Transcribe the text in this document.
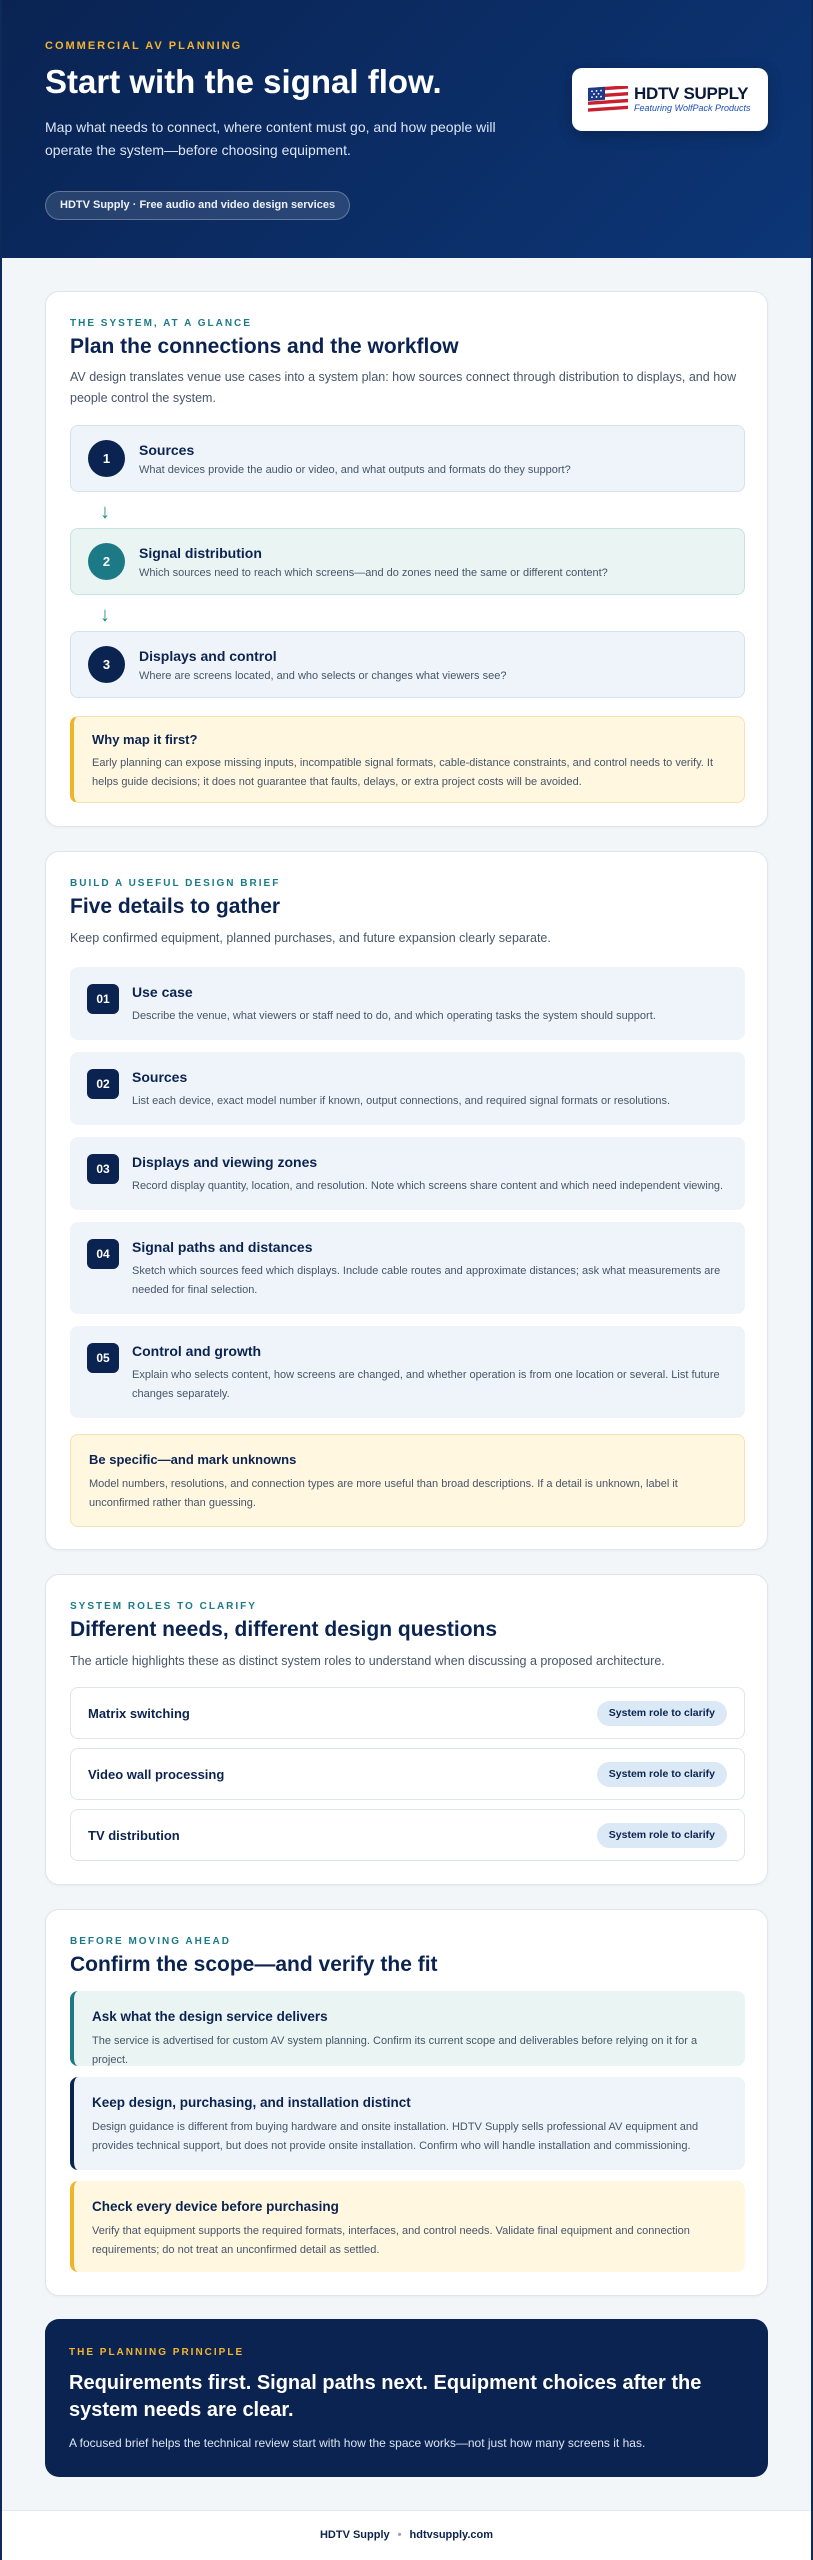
COMMERCIAL AV PLANNING
Start with the signal flow.

Map what needs to connect, where content must go, and how people will operate the system—before choosing equipment.

HDTV Supply · Free audio and video design services
HDTV SUPPLY
Featuring WolfPack Products
THE SYSTEM, AT A GLANCE
Plan the connections and the workflow

AV design translates venue use cases into a system plan: how sources connect through distribution to displays, and how people control the system.

1
Sources
What devices provide the audio or video, and what outputs and formats do they support?
↓
2
Signal distribution
Which sources need to reach which screens—and do zones need the same or different content?
↓
3
Displays and control
Where are screens located, and who selects or changes what viewers see?
Why map it first?
Early planning can expose missing inputs, incompatible signal formats, cable-distance constraints, and control needs to verify. It helps guide decisions; it does not guarantee that faults, delays, or extra project costs will be avoided.
BUILD A USEFUL DESIGN BRIEF
Five details to gather

Keep confirmed equipment, planned purchases, and future expansion clearly separate.

01	Use case
Describe the venue, what viewers or staff need to do, and which operating tasks the system should support.
02	Sources
List each device, exact model number if known, output connections, and required signal formats or resolutions.
03	Displays and viewing zones
Record display quantity, location, and resolution. Note which screens share content and which need independent viewing.
04	Signal paths and distances
Sketch which sources feed which displays. Include cable routes and approximate distances; ask what measurements are needed for final selection.
05	Control and growth
Explain who selects content, how screens are changed, and whether operation is from one location or several. List future changes separately.
Be specific—and mark unknowns
Model numbers, resolutions, and connection types are more useful than broad descriptions. If a detail is unknown, label it unconfirmed rather than guessing.
SYSTEM ROLES TO CLARIFY
Different needs, different design questions

The article highlights these as distinct system roles to understand when discussing a proposed architecture.

Matrix switching	System role to clarify
Video wall processing	System role to clarify
TV distribution	System role to clarify
BEFORE MOVING AHEAD
Confirm the scope—and verify the fit
Ask what the design service delivers
The service is advertised for custom AV system planning. Confirm its current scope and deliverables before relying on it for a project.
Keep design, purchasing, and installation distinct
Design guidance is different from buying hardware and onsite installation. HDTV Supply sells professional AV equipment and provides technical support, but does not provide onsite installation. Confirm who will handle installation and commissioning.
Check every device before purchasing
Verify that equipment supports the required formats, interfaces, and control needs. Validate final equipment and connection requirements; do not treat an unconfirmed detail as settled.
THE PLANNING PRINCIPLE
Requirements first. Signal paths next. Equipment choices after the system needs are clear.
A focused brief helps the technical review start with how the space works—not just how many screens it has.
HDTV Supply • hdtvsupply.com
